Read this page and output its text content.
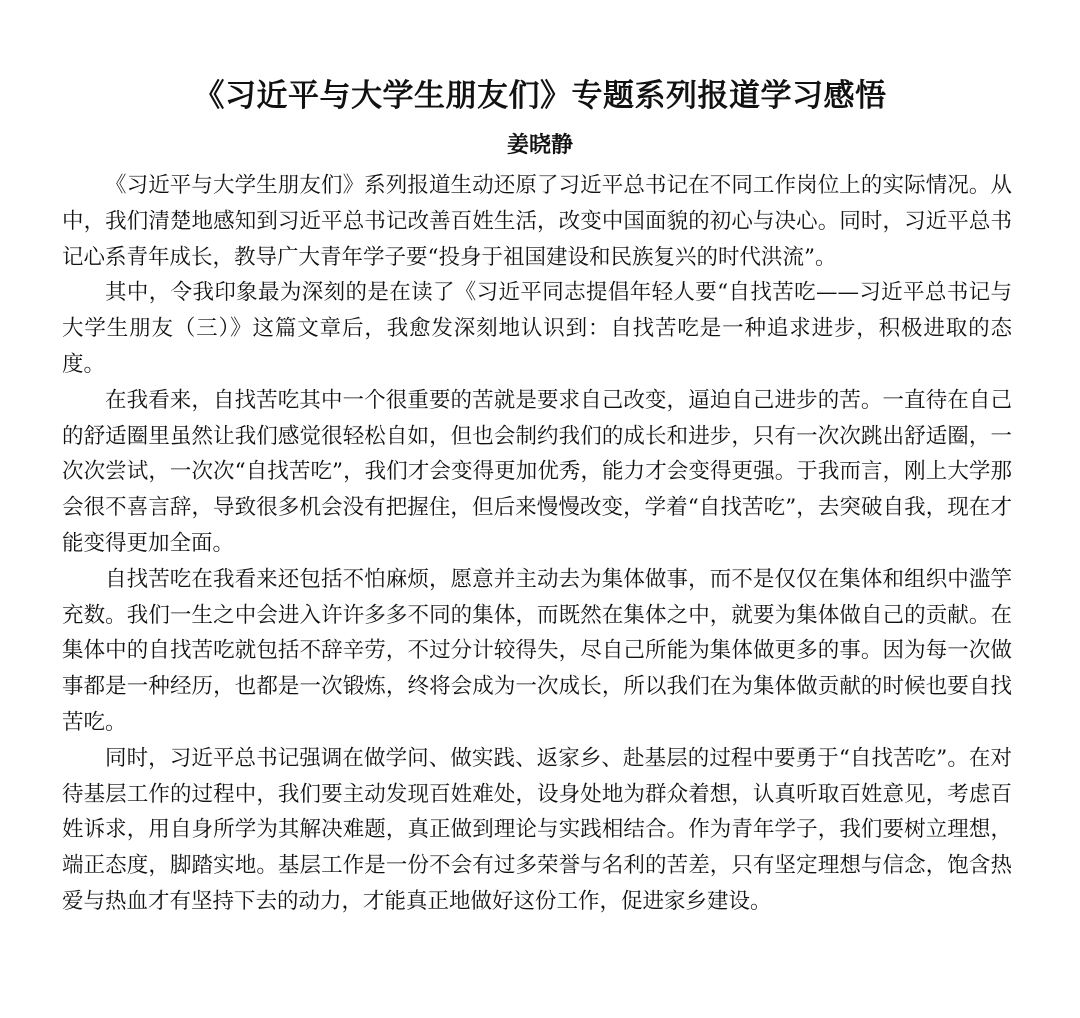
《习近平与大学生朋友们》专题系列报道学习感悟
姜晓静

《习近平与大学生朋友们》系列报道生动还原了习近平总书记在不同工作岗位上的实际情况。从中，我们清楚地感知到习近平总书记改善百姓生活，改变中国面貌的初心与决心。同时，习近平总书记心系青年成长，教导广大青年学子要“投身于祖国建设和民族复兴的时代洪流”。

其中，令我印象最为深刻的是在读了《习近平同志提倡年轻人要“自找苦吃——习近平总书记与大学生朋友（三）》这篇文章后，我愈发深刻地认识到：自找苦吃是一种追求进步，积极进取的态度。

在我看来，自找苦吃其中一个很重要的苦就是要求自己改变，逼迫自己进步的苦。一直待在自己的舒适圈里虽然让我们感觉很轻松自如，但也会制约我们的成长和进步，只有一次次跳出舒适圈，一次次尝试，一次次“自找苦吃”，我们才会变得更加优秀，能力才会变得更强。于我而言，刚上大学那会很不喜言辞，导致很多机会没有把握住，但后来慢慢改变，学着“自找苦吃”，去突破自我，现在才能变得更加全面。

自找苦吃在我看来还包括不怕麻烦，愿意并主动去为集体做事，而不是仅仅在集体和组织中滥竽充数。我们一生之中会进入许许多多不同的集体，而既然在集体之中，就要为集体做自己的贡献。在集体中的自找苦吃就包括不辞辛劳，不过分计较得失，尽自己所能为集体做更多的事。因为每一次做事都是一种经历，也都是一次锻炼，终将会成为一次成长，所以我们在为集体做贡献的时候也要自找苦吃。

同时，习近平总书记强调在做学问、做实践、返家乡、赴基层的过程中要勇于“自找苦吃”。在对待基层工作的过程中，我们要主动发现百姓难处，设身处地为群众着想，认真听取百姓意见，考虑百姓诉求，用自身所学为其解决难题，真正做到理论与实践相结合。作为青年学子，我们要树立理想，端正态度，脚踏实地。基层工作是一份不会有过多荣誉与名利的苦差，只有坚定理想与信念，饱含热爱与热血才有坚持下去的动力，才能真正地做好这份工作，促进家乡建设。
